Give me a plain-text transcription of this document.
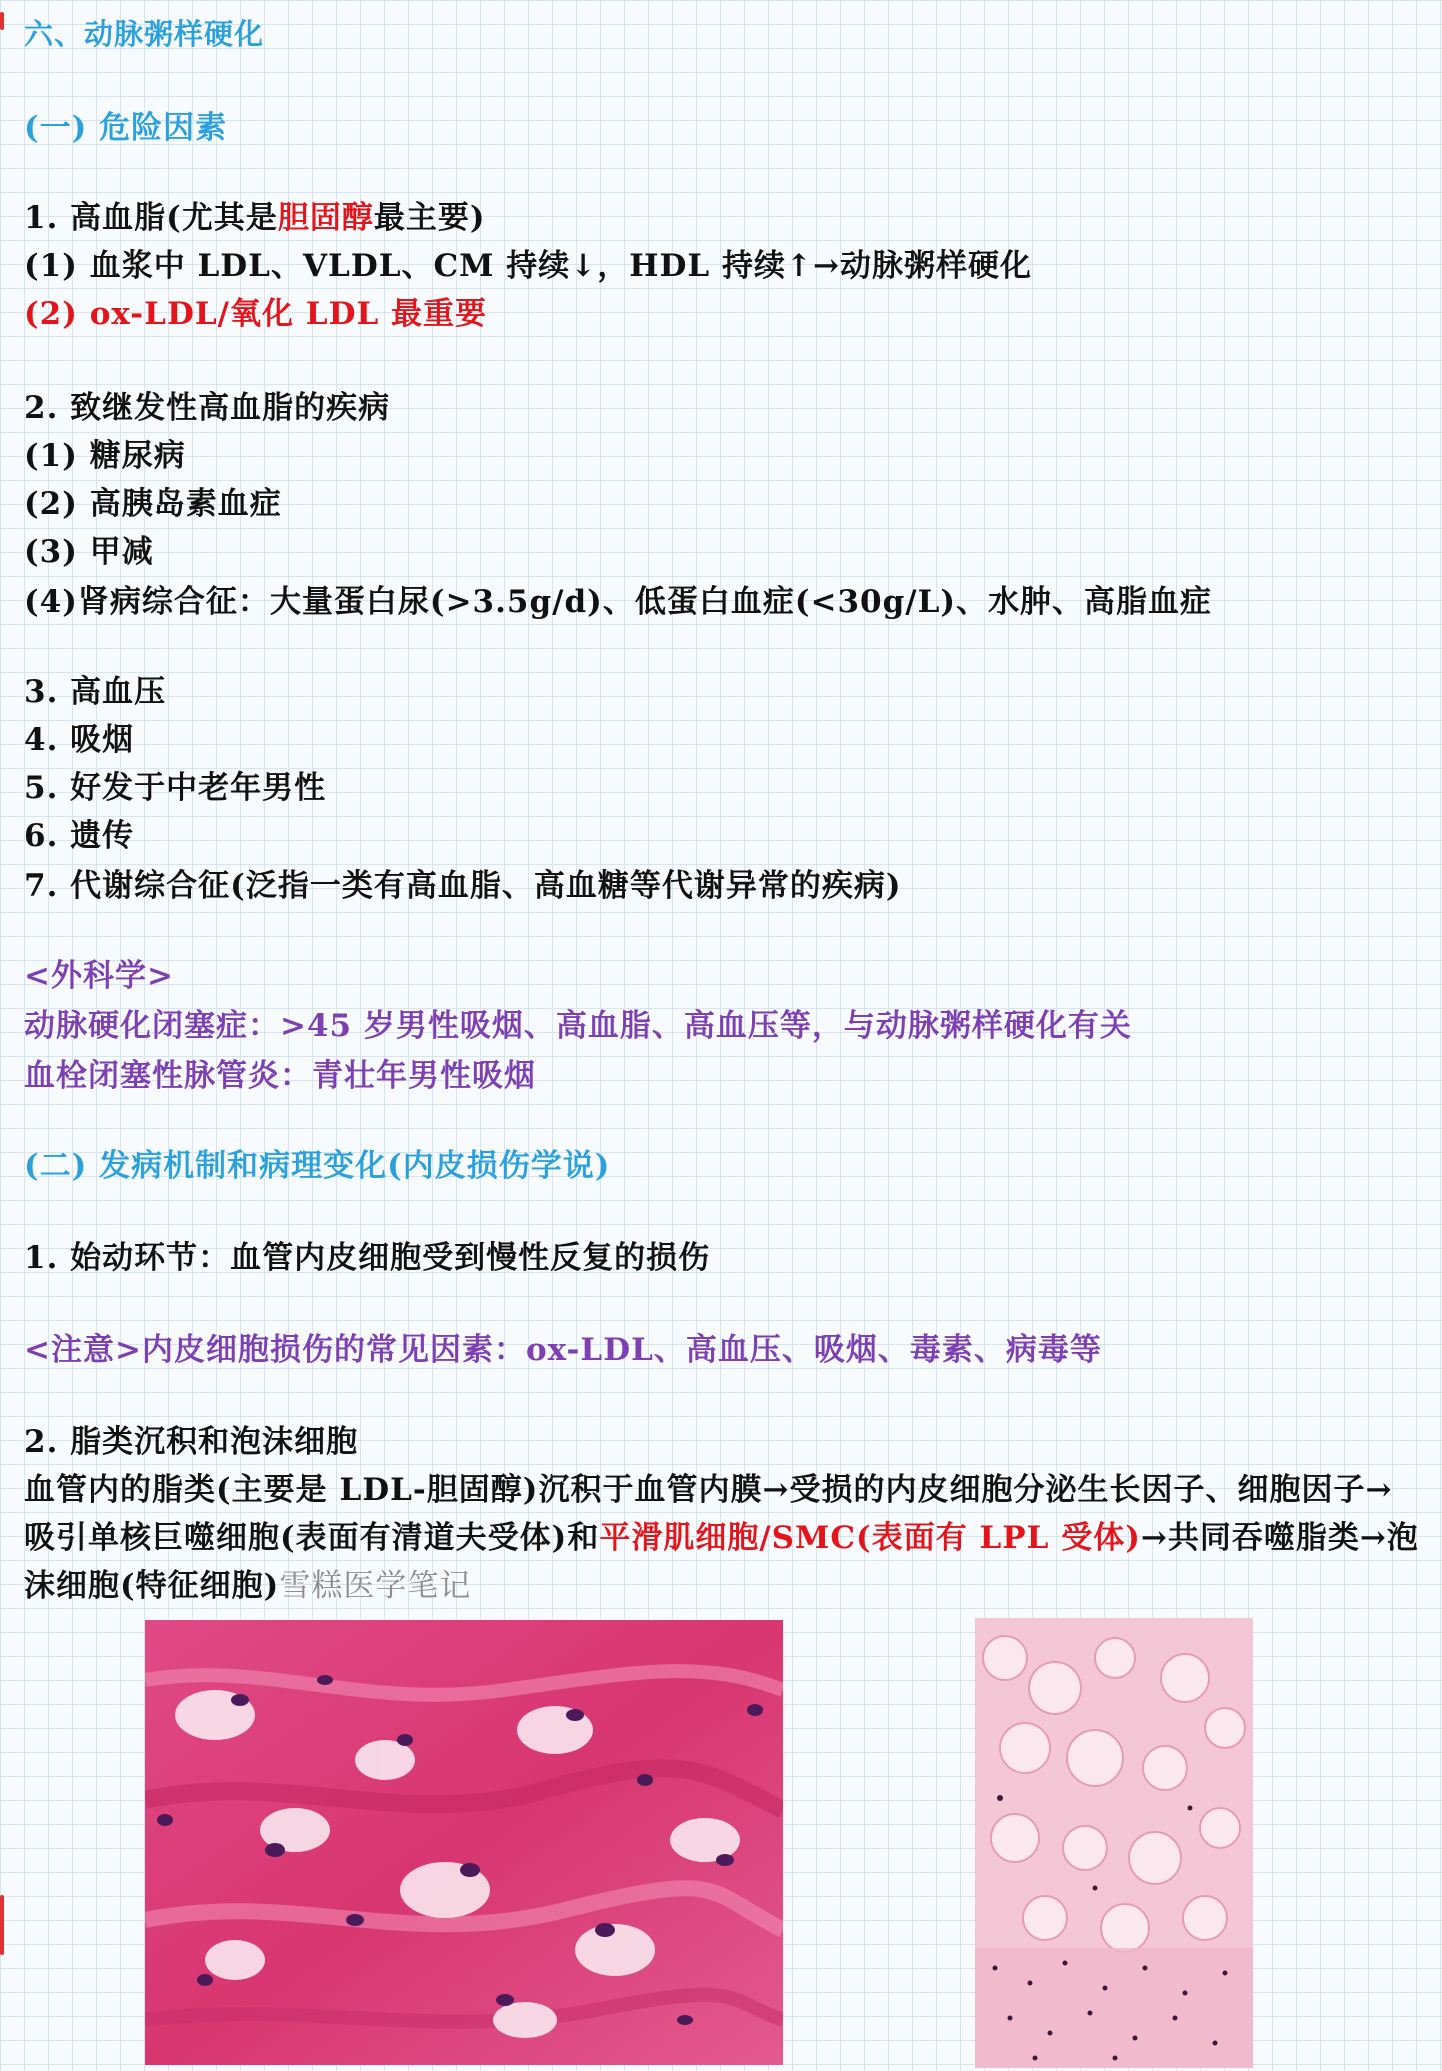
六、动脉粥样硬化
(一) 危险因素
1. 高血脂(尤其是胆固醇最主要)
(1) 血浆中 LDL、VLDL、CM 持续↓，HDL 持续↑→动脉粥样硬化
(2) ox-LDL/氧化 LDL 最重要
2. 致继发性高血脂的疾病
(1) 糖尿病
(2) 高胰岛素血症
(3) 甲减
(4)肾病综合征：大量蛋白尿(>3.5g/d)、低蛋白血症(<30g/L)、水肿、高脂血症
3. 高血压
4. 吸烟
5. 好发于中老年男性
6. 遗传
7. 代谢综合征(泛指一类有高血脂、高血糖等代谢异常的疾病)
<外科学>
动脉硬化闭塞症：>45 岁男性吸烟、高血脂、高血压等，与动脉粥样硬化有关
血栓闭塞性脉管炎：青壮年男性吸烟
(二) 发病机制和病理变化(内皮损伤学说)
1. 始动环节：血管内皮细胞受到慢性反复的损伤
<注意>内皮细胞损伤的常见因素：ox-LDL、高血压、吸烟、毒素、病毒等
2. 脂类沉积和泡沫细胞
血管内的脂类(主要是 LDL-胆固醇)沉积于血管内膜→受损的内皮细胞分泌生长因子、细胞因子→吸引单核巨噬细胞(表面有清道夫受体)和平滑肌细胞/SMC(表面有 LPL 受体)→共同吞噬脂类→泡沫细胞(特征细胞)雪糕医学笔记
